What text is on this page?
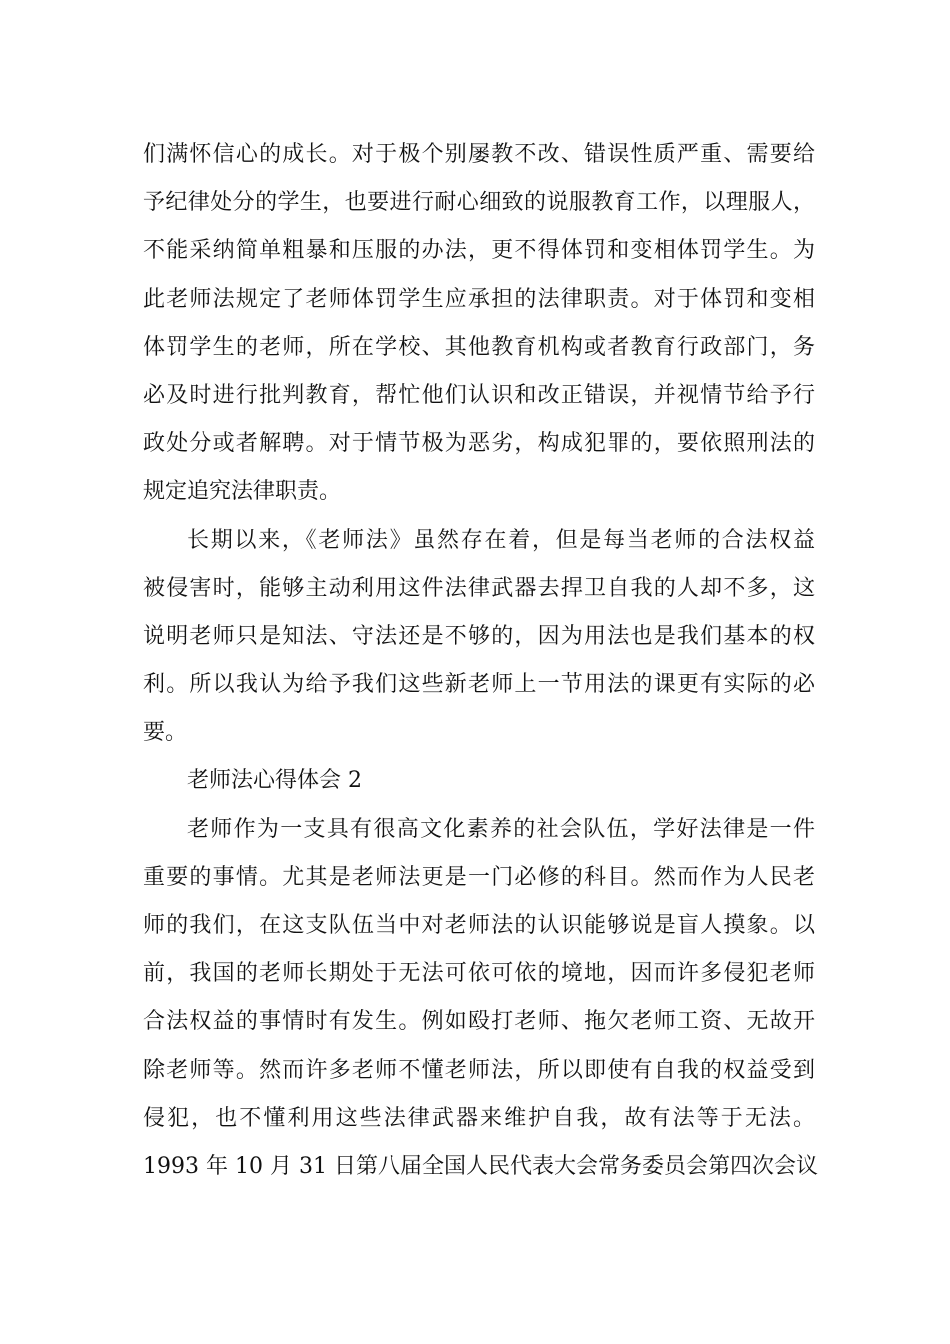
们满怀信心的成长。对于极个别屡教不改、错误性质严重、需要给

予纪律处分的学生，也要进行耐心细致的说服教育工作，以理服人，

不能采纳简单粗暴和压服的办法，更不得体罚和变相体罚学生。为

此老师法规定了老师体罚学生应承担的法律职责。对于体罚和变相

体罚学生的老师，所在学校、其他教育机构或者教育行政部门，务

必及时进行批判教育，帮忙他们认识和改正错误，并视情节给予行

政处分或者解聘。对于情节极为恶劣，构成犯罪的，要依照刑法的

规定追究法律职责。

长期以来，《老师法》虽然存在着，但是每当老师的合法权益

被侵害时，能够主动利用这件法律武器去捍卫自我的人却不多，这

说明老师只是知法、守法还是不够的，因为用法也是我们基本的权

利。所以我认为给予我们这些新老师上一节用法的课更有实际的必

要。

老师法心得体会 2

老师作为一支具有很高文化素养的社会队伍，学好法律是一件

重要的事情。尤其是老师法更是一门必修的科目。然而作为人民老

师的我们，在这支队伍当中对老师法的认识能够说是盲人摸象。以

前，我国的老师长期处于无法可依可依的境地，因而许多侵犯老师

合法权益的事情时有发生。例如殴打老师、拖欠老师工资、无故开

除老师等。然而许多老师不懂老师法，所以即使有自我的权益受到

侵犯，也不懂利用这些法律武器来维护自我，故有法等于无法。

1993 年 10 月 31 日第八届全国人民代表大会常务委员会第四次会议
